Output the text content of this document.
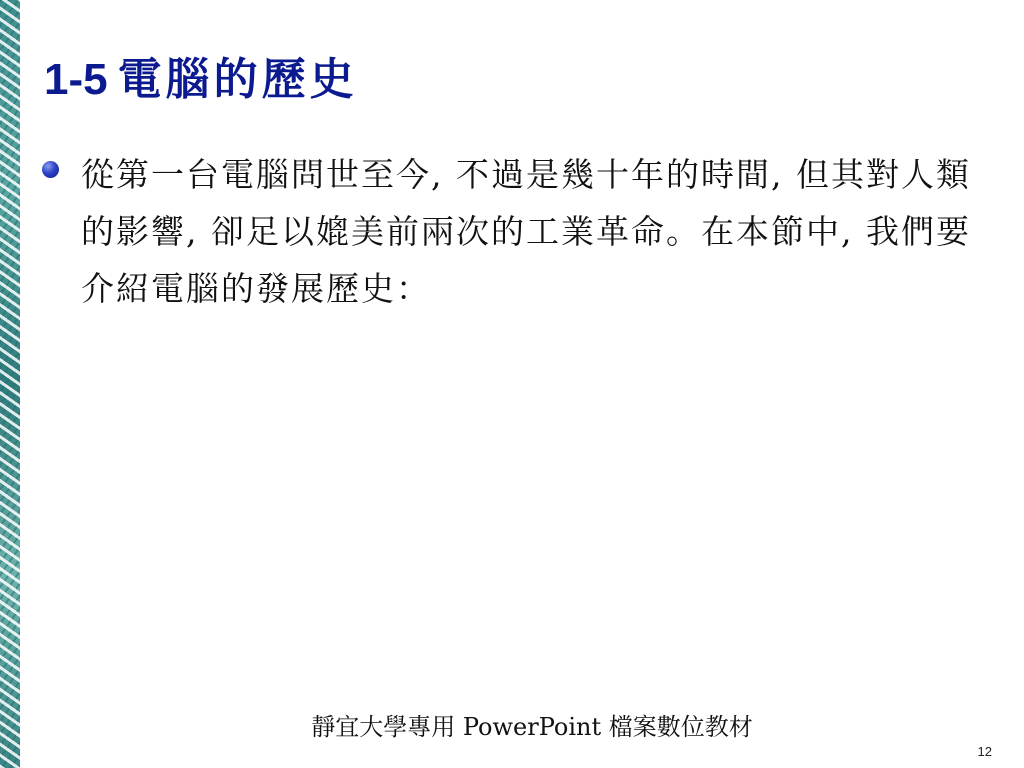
1-5 電腦的歷史
從第一台電腦問世至今, 不過是幾十年的時間, 但其對人類的影響, 卻足以媲美前兩次的工業革命。在本節中, 我們要介紹電腦的發展歷史：
靜宜大學專用 PowerPoint 檔案數位教材
12
